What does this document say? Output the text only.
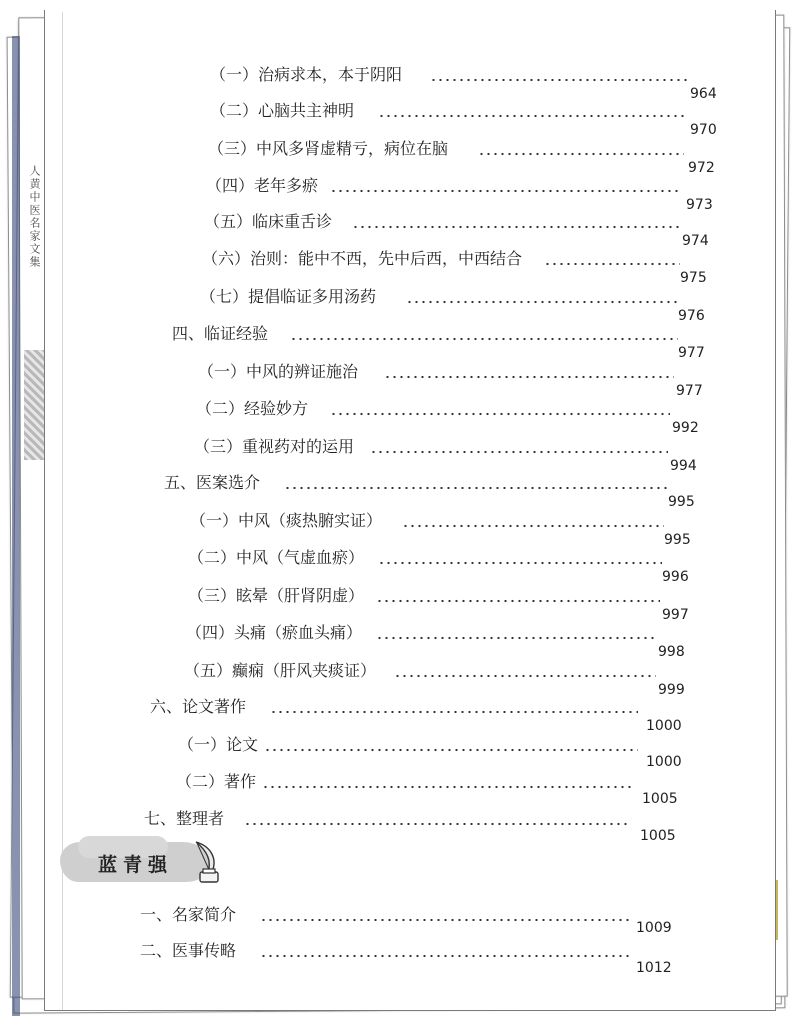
人黄中医名家文集
（一）治病求本，本于阴阳
964
（二）心脑共主神明
970
（三）中风多肾虚精亏，病位在脑
972
（四）老年多瘀
973
（五）临床重舌诊
974
（六）治则：能中不西，先中后西，中西结合
975
（七）提倡临证多用汤药
976
四、临证经验
977
（一）中风的辨证施治
977
（二）经验妙方
992
（三）重视药对的运用
994
五、医案选介
995
（一）中风（痰热腑实证）
995
（二）中风（气虚血瘀）
996
（三）眩晕（肝肾阴虚）
997
（四）头痛（瘀血头痛）
998
（五）癫痫（肝风夹痰证）
999
六、论文著作
1000
（一）论文
1000
（二）著作
1005
七、整理者
1005
蓝青强
一、名家简介
1009
二、医事传略
1012
